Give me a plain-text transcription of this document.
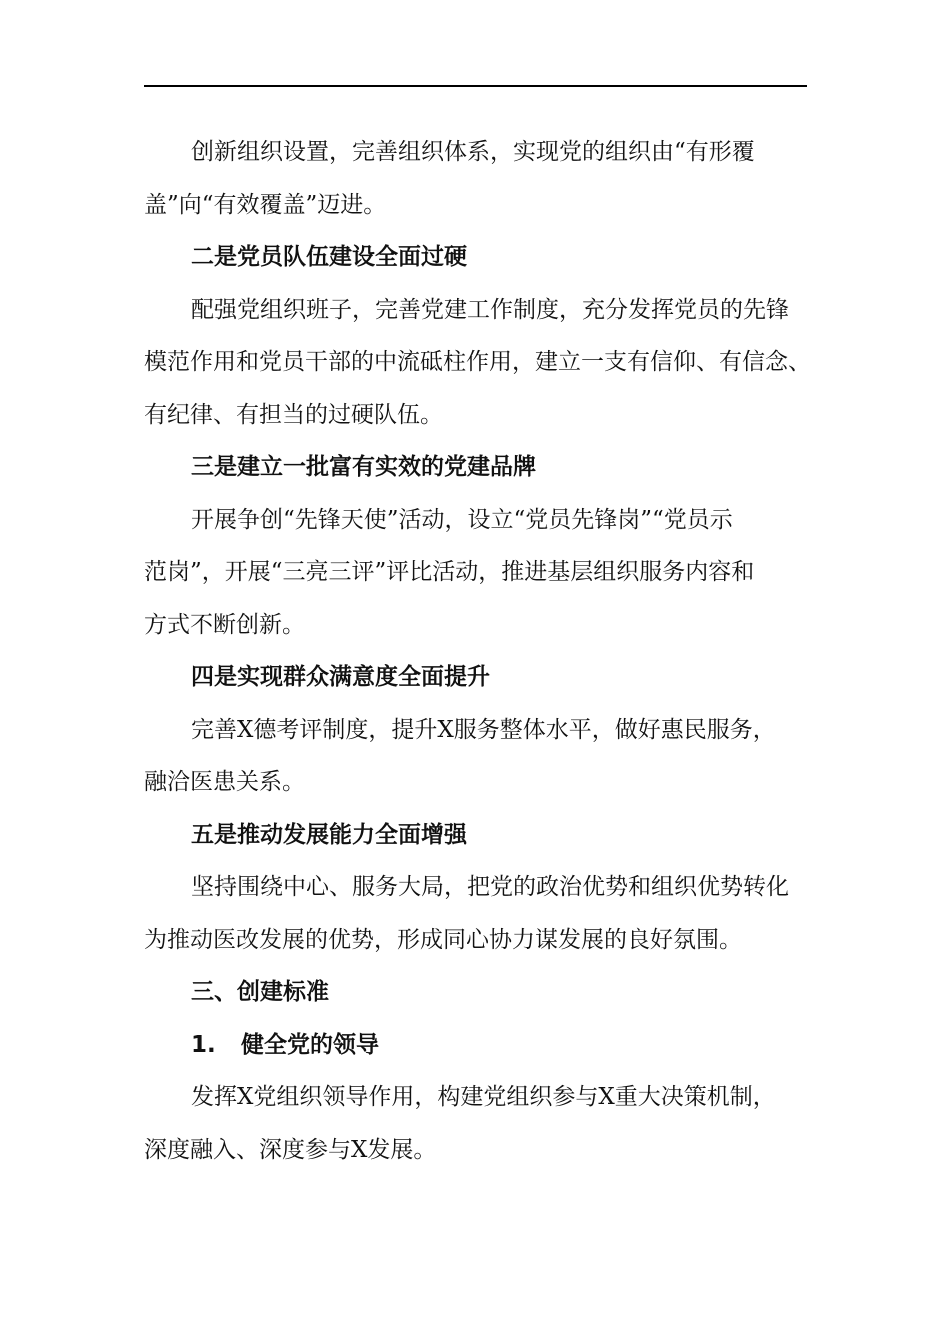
创新组织设置，完善组织体系，实现党的组织由“有形覆

盖”向“有效覆盖”迈进。

二是党员队伍建设全面过硬

配强党组织班子，完善党建工作制度，充分发挥党员的先锋

模范作用和党员干部的中流砥柱作用，建立一支有信仰、有信念、

有纪律、有担当的过硬队伍。

三是建立一批富有实效的党建品牌

开展争创“先锋天使”活动，设立“党员先锋岗”“党员示

范岗”，开展“三亮三评”评比活动，推进基层组织服务内容和

方式不断创新。

四是实现群众满意度全面提升

完善X德考评制度，提升X服务整体水平，做好惠民服务，

融洽医患关系。

五是推动发展能力全面增强

坚持围绕中心、服务大局，把党的政治优势和组织优势转化

为推动医改发展的优势，形成同心协力谋发展的良好氛围。

三、创建标准

1. 健全党的领导

发挥X党组织领导作用，构建党组织参与X重大决策机制，

深度融入、深度参与X发展。
